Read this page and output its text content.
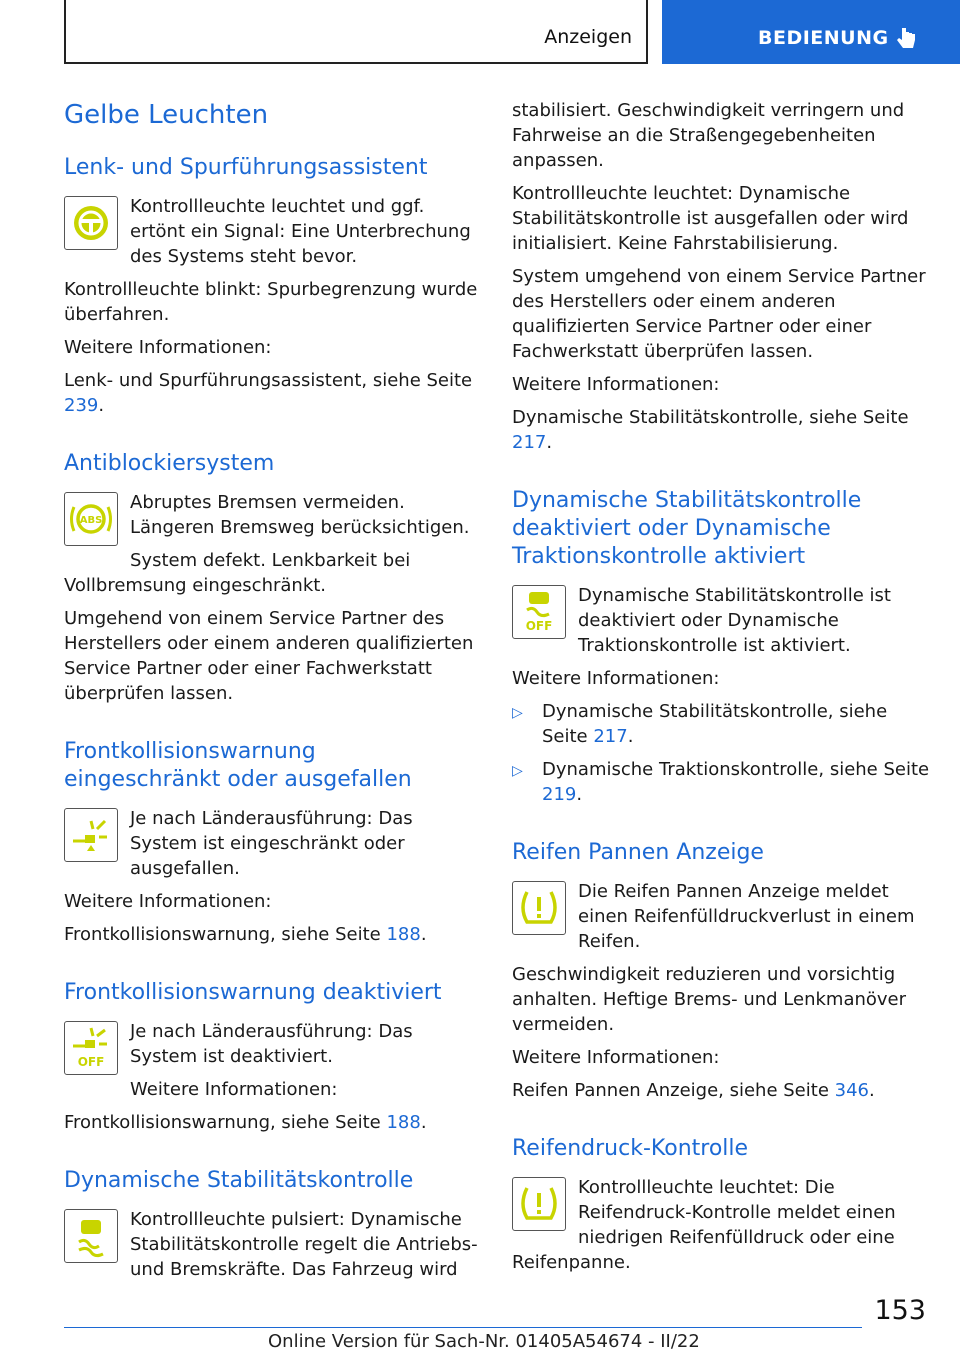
Anzeigen	BEDIENUNG
Gelbe Leuchten
Lenk- und Spurführungsassistent

Kontrollleuchte leuchtet und ggf. ertönt ein Signal: Eine Unterbrechung des Systems steht bevor.

Kontrollleuchte blinkt: Spurbegrenzung wurde überfahren.

Weitere Informationen:

Lenk- und Spurführungsassistent, siehe Seite 239.

Antiblockiersystem
ABS

Abruptes Bremsen vermeiden. Längeren Bremsweg berücksichtigen.

System defekt. Lenkbarkeit bei Vollbremsung eingeschränkt.

Umgehend von einem Service Partner des Herstellers oder einem anderen qualifizierten Service Partner oder einer Fachwerkstatt überprüfen lassen.

Frontkollisionswarnung eingeschränkt oder ausgefallen

Je nach Länderausführung: Das System ist eingeschränkt oder ausgefallen.

Weitere Informationen:

Frontkollisionswarnung, siehe Seite 188.

Frontkollisionswarnung deaktiviert
OFF

Je nach Länderausführung: Das System ist deaktiviert.

Weitere Informationen:

Frontkollisionswarnung, siehe Seite 188.

Dynamische Stabilitätskontrolle

Kontrollleuchte pulsiert: Dynamische Stabilitätskontrolle regelt die Antriebs- und Bremskräfte. Das Fahrzeug wird

stabilisiert. Geschwindigkeit verringern und Fahrweise an die Straßengegebenheiten anpassen.

Kontrollleuchte leuchtet: Dynamische Stabilitätskontrolle ist ausgefallen oder wird initialisiert. Keine Fahrstabilisierung.

System umgehend von einem Service Partner des Herstellers oder einem anderen qualifizierten Service Partner oder einer Fachwerkstatt überprüfen lassen.

Weitere Informationen:

Dynamische Stabilitätskontrolle, siehe Seite 217.

Dynamische Stabilitätskontrolle deaktiviert oder Dynamische Traktionskontrolle aktiviert
OFF

Dynamische Stabilitätskontrolle ist deaktiviert oder Dynamische Traktionskontrolle ist aktiviert.

Weitere Informationen:

▷ Dynamische Stabilitätskontrolle, siehe Seite 217.
▷ Dynamische Traktionskontrolle, siehe Seite 219.
Reifen Pannen Anzeige

Die Reifen Pannen Anzeige meldet einen Reifenfülldruckverlust in einem Reifen.

Geschwindigkeit reduzieren und vorsichtig anhalten. Heftige Brems- und Lenkmanöver vermeiden.

Weitere Informationen:

Reifen Pannen Anzeige, siehe Seite 346.

Reifendruck-Kontrolle

Kontrollleuchte leuchtet: Die Reifendruck-Kontrolle meldet einen niedrigen Reifenfülldruck oder eine Reifenpanne.

153
Online Version für Sach-Nr. 01405A54674 - II/22
